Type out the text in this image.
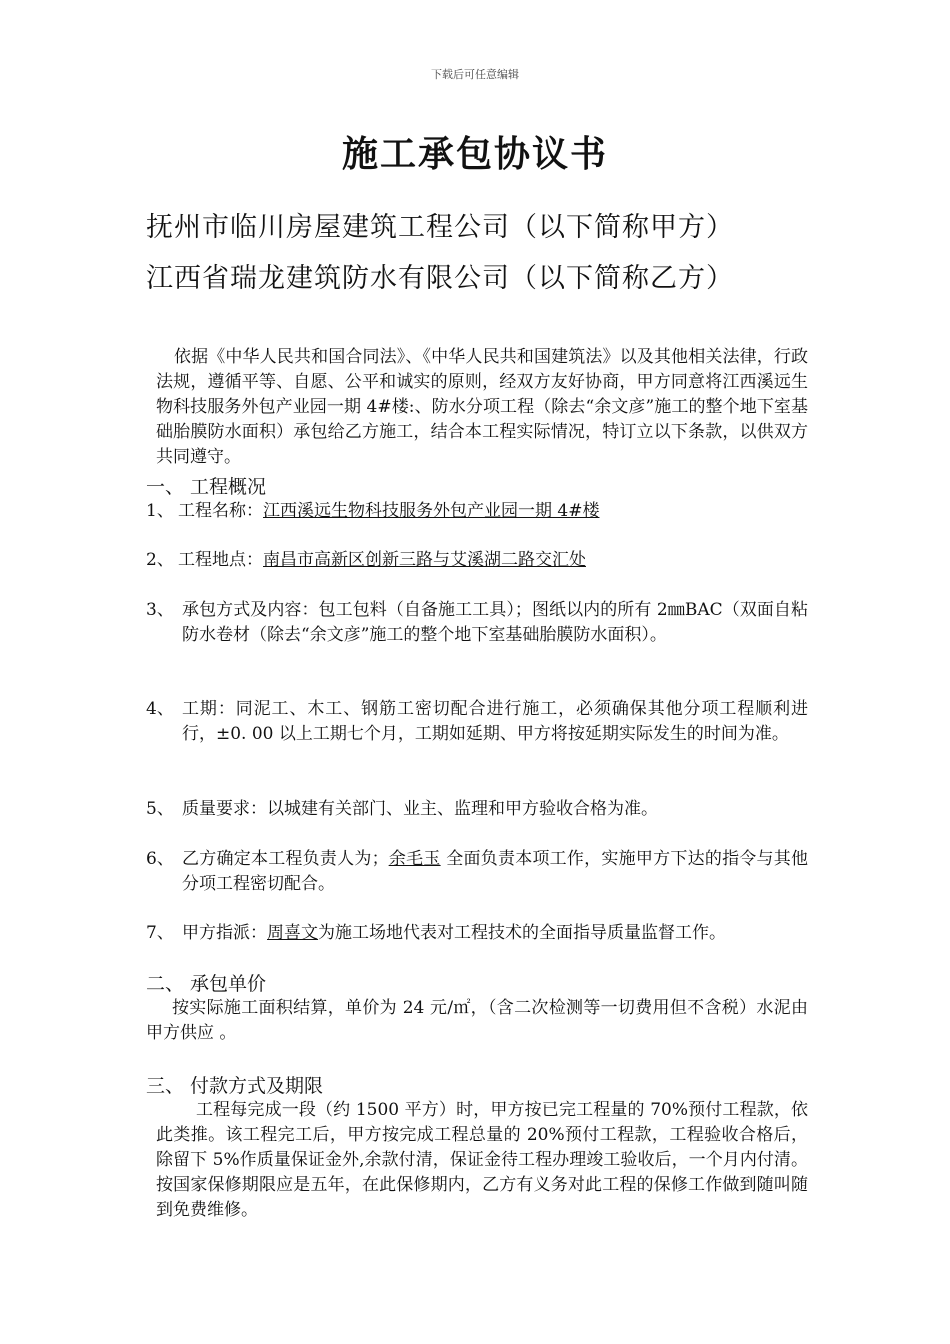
下载后可任意编辑
施工承包协议书
抚州市临川房屋建筑工程公司（以下简称甲方）
江西省瑞龙建筑防水有限公司（以下简称乙方）

依据《中华人民共和国合同法》、《中华人民共和国建筑法》以及其他相关法律，行政法规，遵循平等、自愿、公平和诚实的原则，经双方友好协商，甲方同意将江西溪远生物科技服务外包产业园一期 4#楼:、防水分项工程（除去“余文彦”施工的整个地下室基础胎膜防水面积）承包给乙方施工，结合本工程实际情况，特订立以下条款，以供双方共同遵守。

一、 工程概况
1、 工程名称：江西溪远生物科技服务外包产业园一期 4#楼
2、 工程地点：南昌市高新区创新三路与艾溪湖二路交汇处
3、 承包方式及内容：包工包料（自备施工工具）；图纸以内的所有 2㎜BAC（双面自粘防水卷材（除去“余文彦”施工的整个地下室基础胎膜防水面积）。
4、 工期：同泥工、木工、钢筋工密切配合进行施工，必须确保其他分项工程顺利进行，±0. 00 以上工期七个月，工期如延期、甲方将按延期实际发生的时间为准。
5、 质量要求：以城建有关部门、业主、监理和甲方验收合格为准。
6、 乙方确定本工程负责人为；余毛玉 全面负责本项工作，实施甲方下达的指令与其他分项工程密切配合。
7、 甲方指派：周喜文为施工场地代表对工程技术的全面指导质量监督工作。
二、 承包单价

按实际施工面积结算，单价为 24 元/㎡，（含二次检测等一切费用但不含税）水泥由甲方供应 。

三、 付款方式及期限

工程每完成一段（约 1500 平方）时，甲方按已完工程量的 70%预付工程款，依此类推。该工程完工后，甲方按完成工程总量的 20%预付工程款，工程验收合格后，除留下 5%作质量保证金外,余款付清，保证金待工程办理竣工验收后，一个月内付清。按国家保修期限应是五年，在此保修期内，乙方有义务对此工程的保修工作做到随叫随到免费维修。
